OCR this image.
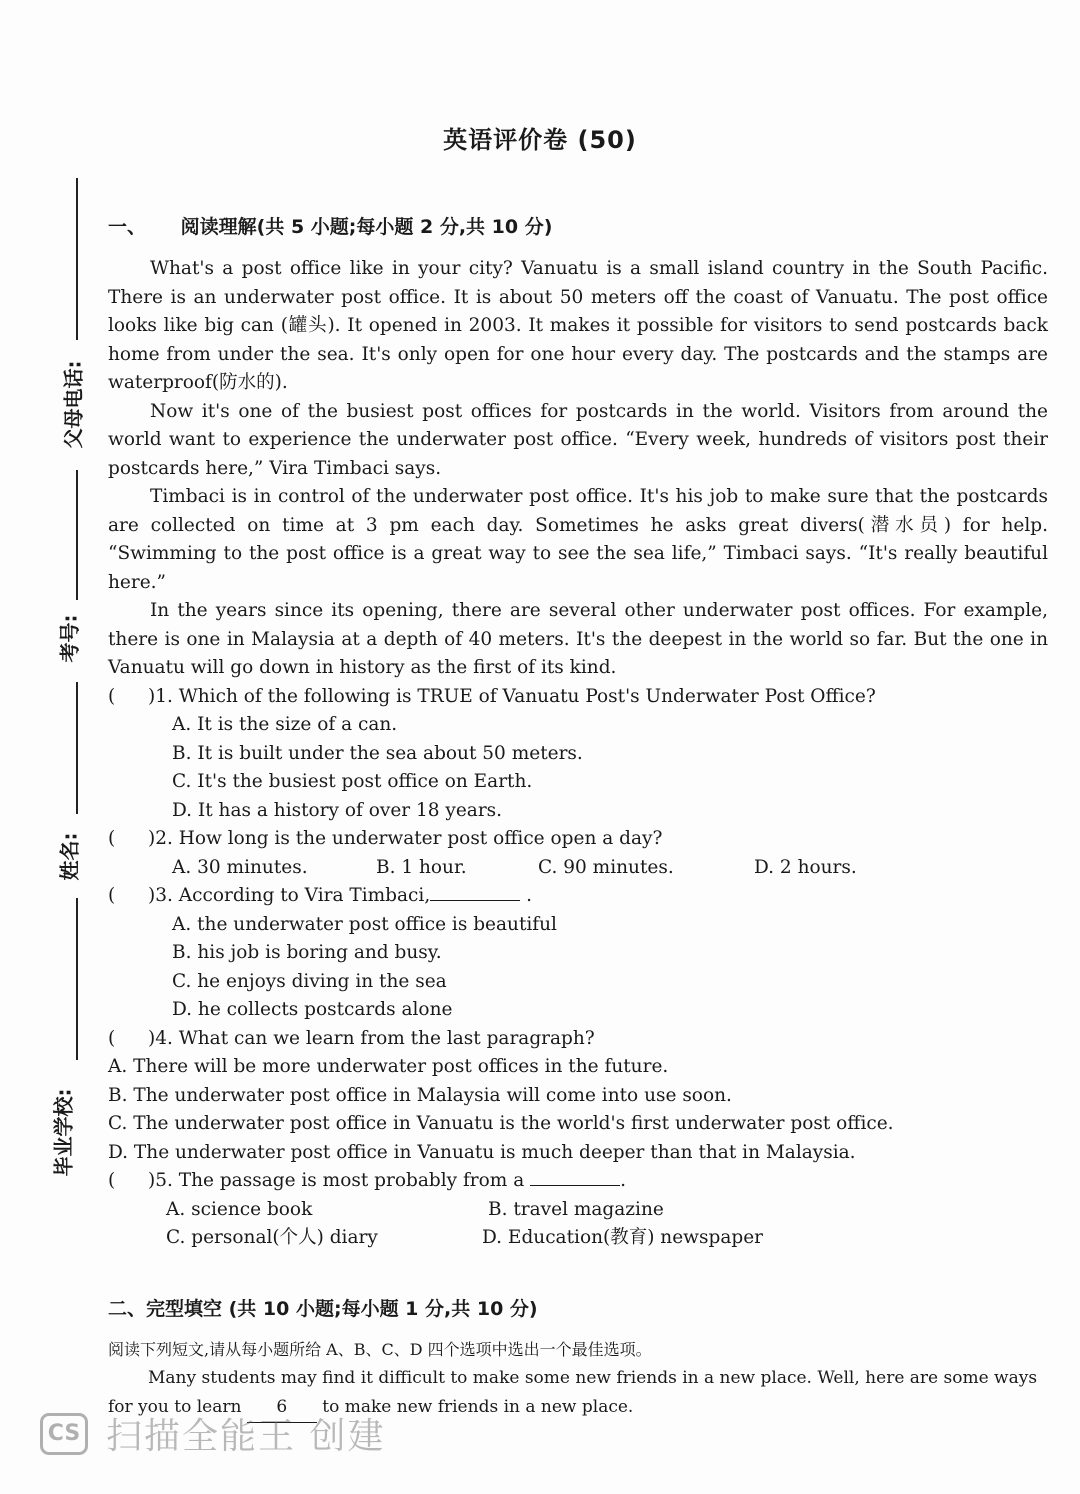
父母电话:
考号:
姓名:
毕业学校:
英语评价卷 (50)
一、 阅读理解(共 5 小题;每小题 2 分,共 10 分)

What's a post office like in your city? Vanuatu is a small island country in the South Pacific. There is an underwater post office. It is about 50 meters off the coast of Vanuatu. The post office looks like big can (罐头). It opened in 2003. It makes it possible for visitors to send postcards back home from under the sea. It's only open for one hour every day. The postcards and the stamps are waterproof(防水的).

Now it's one of the busiest post offices for postcards in the world. Visitors from around the world want to experience the underwater post office. “Every week, hundreds of visitors post their postcards here,” Vira Timbaci says.

Timbaci is in control of the underwater post office. It's his job to make sure that the postcards are collected on time at 3 pm each day. Sometimes he asks great divers(潜水员) for help. “Swimming to the post office is a great way to see the sea life,” Timbaci says. “It's really beautiful here.”

In the years since its opening, there are several other underwater post offices. For example, there is one in Malaysia at a depth of 40 meters. It's the deepest in the world so far. But the one in Vanuatu will go down in history as the first of its kind.

( )1. Which of the following is TRUE of Vanuatu Post's Underwater Post Office?

A. It is the size of a can.

B. It is built under the sea about 50 meters.

C. It's the busiest post office on Earth.

D. It has a history of over 18 years.

( )2. How long is the underwater post office open a day?

A. 30 minutes.	B. 1 hour.	C. 90 minutes.	D. 2 hours.

( )3. According to Vira Timbaci,	.

A. the underwater post office is beautiful

B. his job is boring and busy.

C. he enjoys diving in the sea

D. he collects postcards alone

( )4. What can we learn from the last paragraph?

A. There will be more underwater post offices in the future.

B. The underwater post office in Malaysia will come into use soon.

C. The underwater post office in Vanuatu is the world's first underwater post office.

D. The underwater post office in Vanuatu is much deeper than that in Malaysia.

( )5. The passage is most probably from a	.

A. science book	B. travel magazine
C. personal(个人) diary	D. Education(教育) newspaper
二、完型填空 (共 10 小题;每小题 1 分,共 10 分)

阅读下列短文,请从每小题所给 A、B、C、D 四个选项中选出一个最佳选项。

Many students may find it difficult to make some new friends in a new place. Well, here are some ways

for you to learn 6 to make new friends in a new place.

CS 扫描全能王 创建
